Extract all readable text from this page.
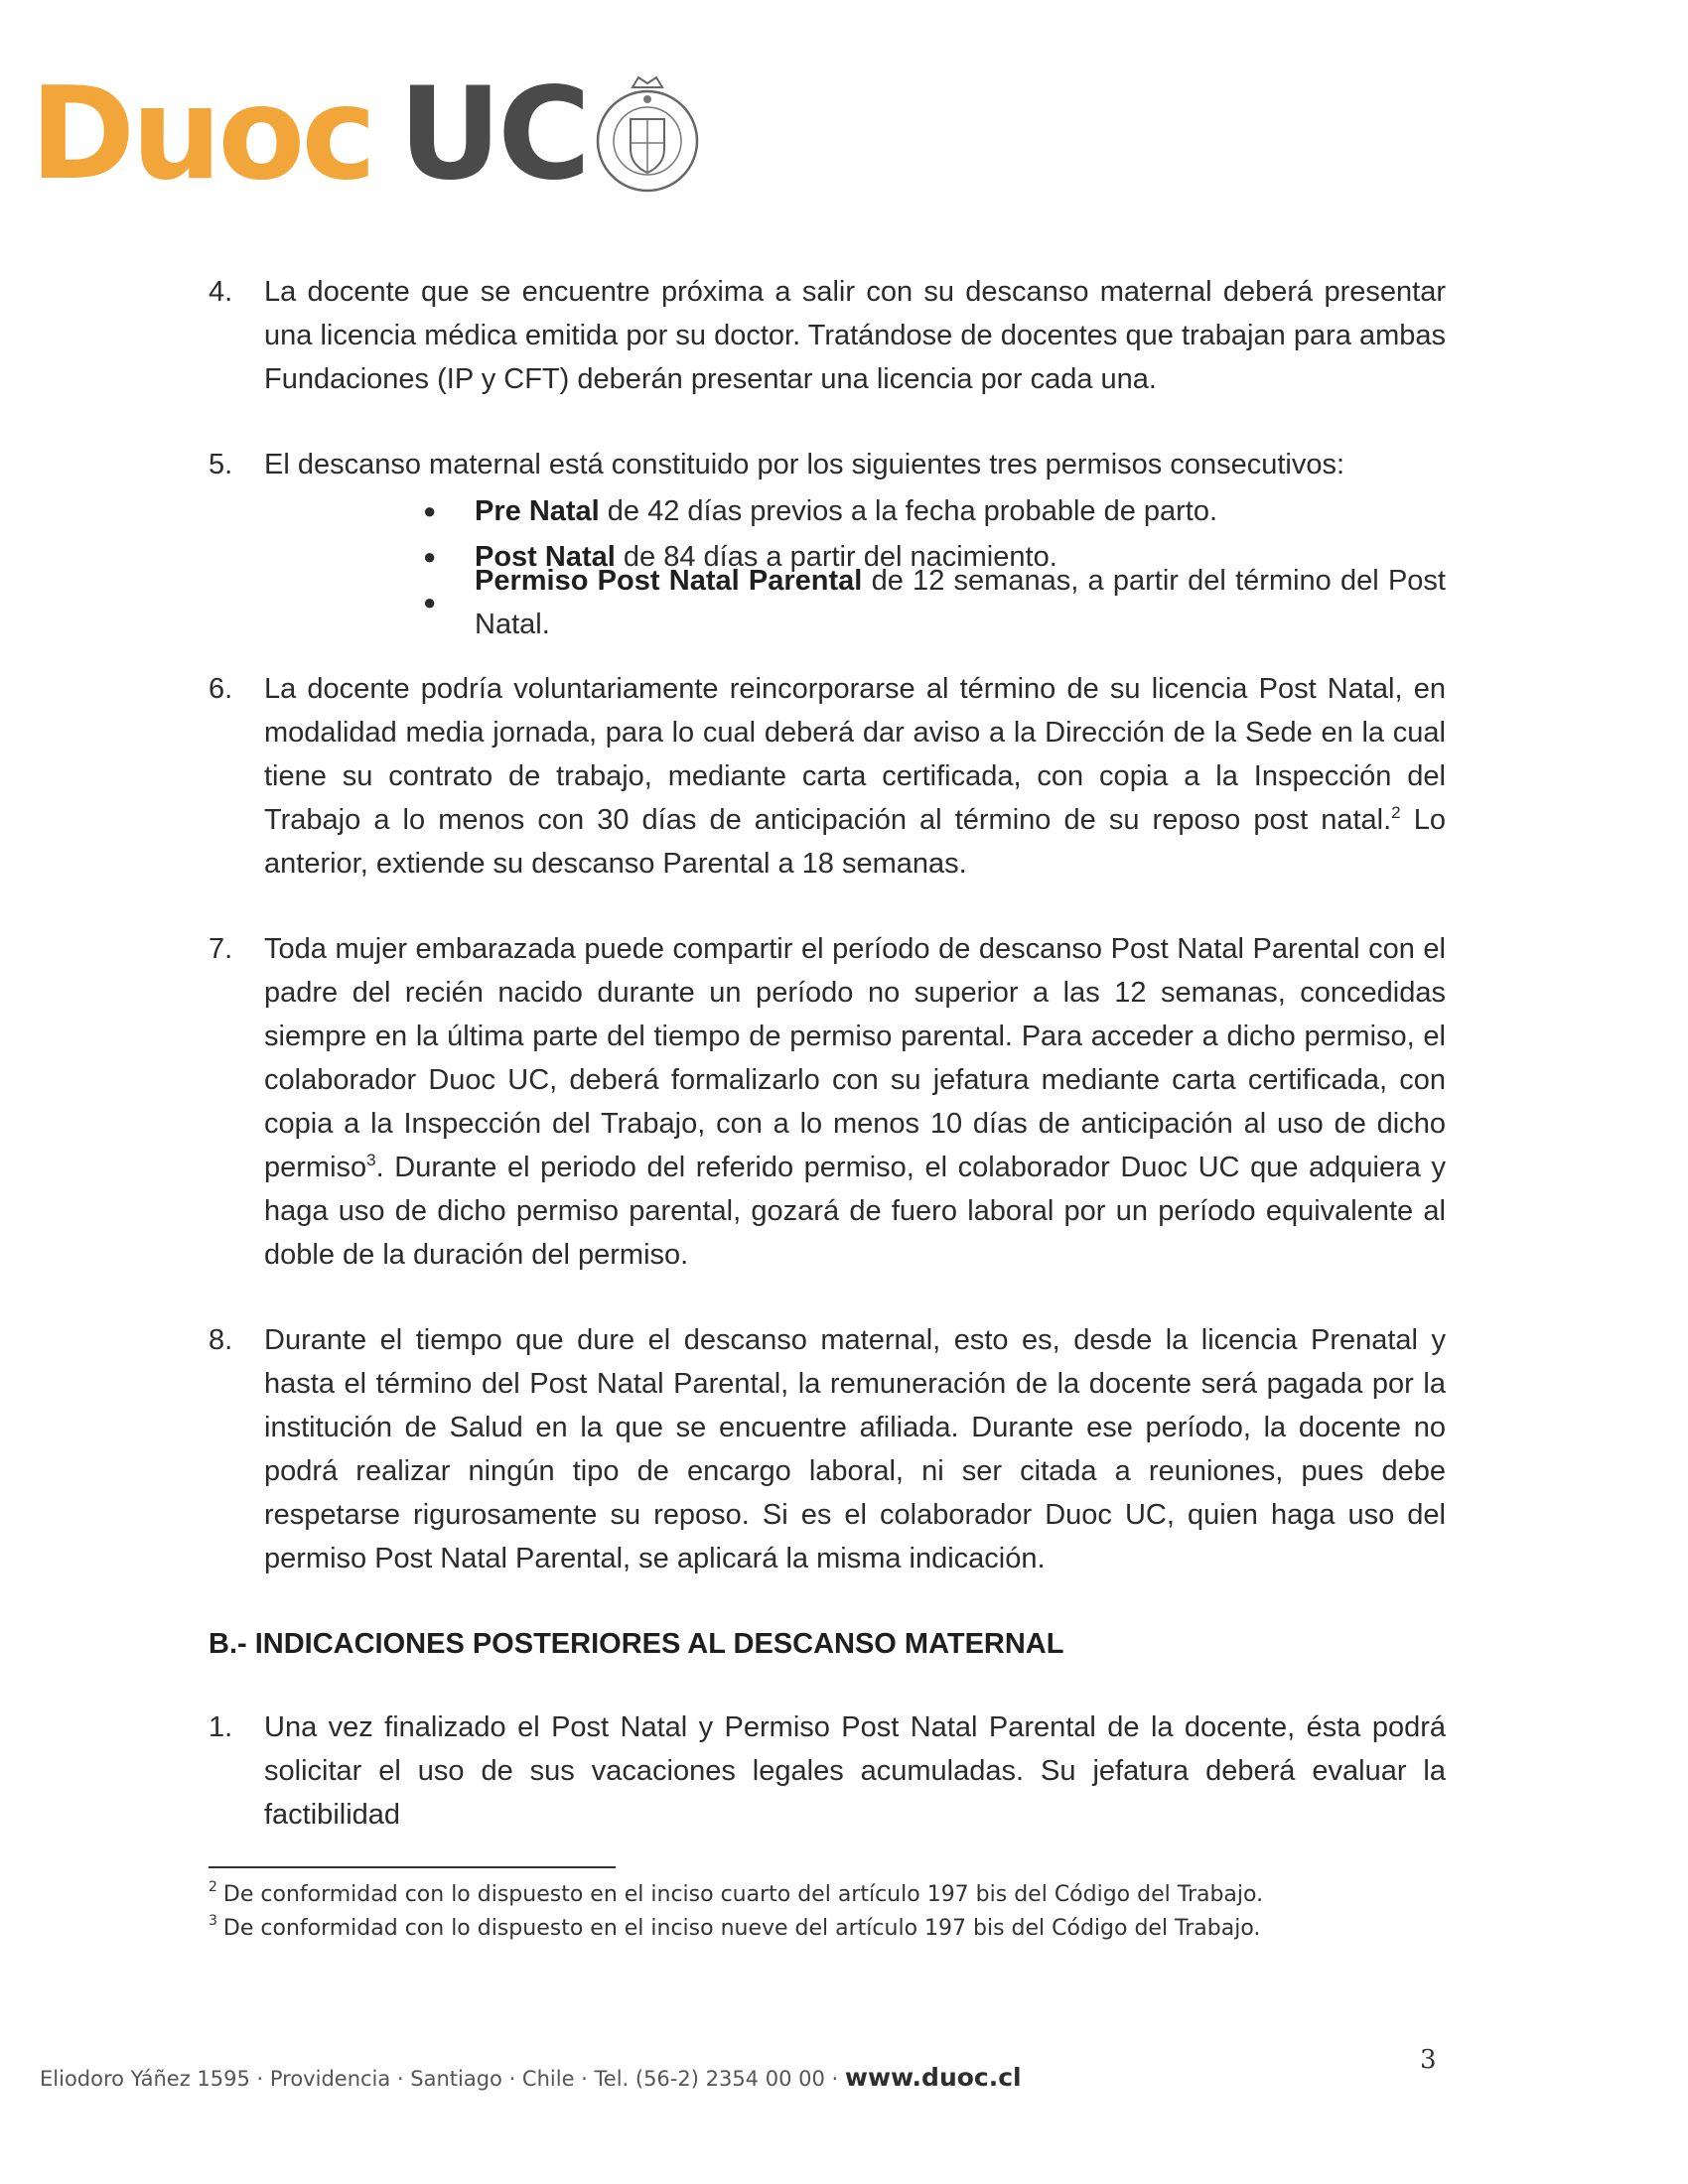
Duoc UC
4.	La docente que se encuentre próxima a salir con su descanso maternal deberá presentar una licencia médica emitida por su doctor. Tratándose de docentes que trabajan para ambas Fundaciones (IP y CFT) deberán presentar una licencia por cada una.
5.	El descanso maternal está constituido por los siguientes tres permisos consecutivos:
●	Pre Natal de 42 días previos a la fecha probable de parto.
●	Post Natal de 84 días a partir del nacimiento.
●
Permiso Post Natal Parental de 12 semanas, a partir del término del Post Natal.
6.	La docente podría voluntariamente reincorporarse al término de su licencia Post Natal, en modalidad media jornada, para lo cual deberá dar aviso a la Dirección de la Sede en la cual tiene su contrato de trabajo, mediante carta certificada, con copia a la Inspección del Trabajo a lo menos con 30 días de anticipación al término de su reposo post natal.$^2$ Lo anterior, extiende su descanso Parental a 18 semanas.
7.	Toda mujer embarazada puede compartir el período de descanso Post Natal Parental con el padre del recién nacido durante un período no superior a las 12 semanas, concedidas siempre en la última parte del tiempo de permiso parental. Para acceder a dicho permiso, el colaborador Duoc UC, deberá formalizarlo con su jefatura mediante carta certificada, con copia a la Inspección del Trabajo, con a lo menos 10 días de anticipación al uso de dicho permiso$^3$. Durante el periodo del referido permiso, el colaborador Duoc UC que adquiera y haga uso de dicho permiso parental, gozará de fuero laboral por un período equivalente al doble de la duración del permiso.
8.	Durante el tiempo que dure el descanso maternal, esto es, desde la licencia Prenatal y hasta el término del Post Natal Parental, la remuneración de la docente será pagada por la institución de Salud en la que se encuentre afiliada. Durante ese período, la docente no podrá realizar ningún tipo de encargo laboral, ni ser citada a reuniones, pues debe respetarse rigurosamente su reposo. Si es el colaborador Duoc UC, quien haga uso del permiso Post Natal Parental, se aplicará la misma indicación.
B.- INDICACIONES POSTERIORES AL DESCANSO MATERNAL
1.	Una vez finalizado el Post Natal y Permiso Post Natal Parental de la docente, ésta podrá solicitar el uso de sus vacaciones legales acumuladas. Su jefatura deberá evaluar la factibilidad
$^2$ De conformidad con lo dispuesto en el inciso cuarto del artículo 197 bis del Código del Trabajo.
$^3$ De conformidad con lo dispuesto en el inciso nueve del artículo 197 bis del Código del Trabajo.
Eliodoro Yáñez 1595 · Providencia · Santiago · Chile · Tel. (56-2) 2354 00 00 · www.duoc.cl
3
